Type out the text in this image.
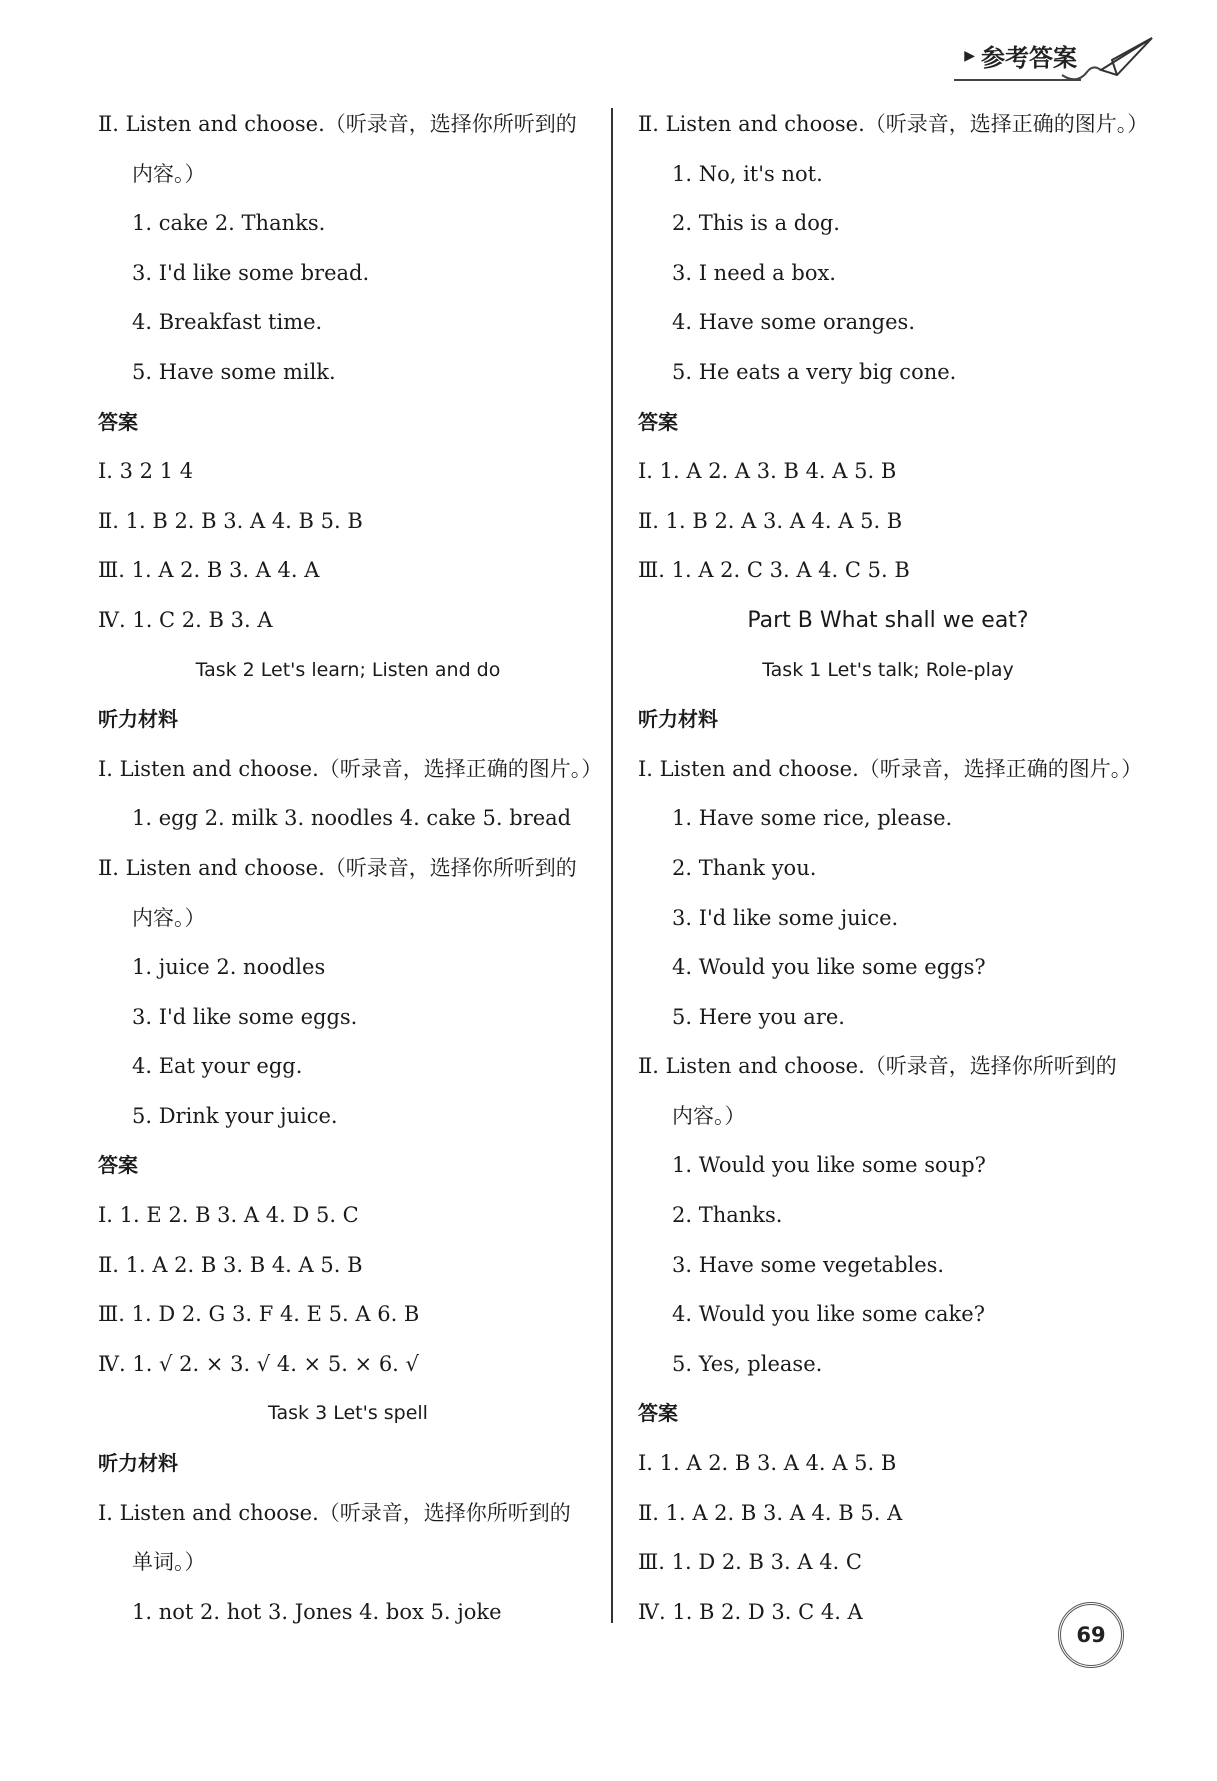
▶ 参考答案
Ⅱ. Listen and choose.（听录音，选择你所听到的
内容。）
1. cake 2. Thanks.
3. I'd like some bread.
4. Breakfast time.
5. Have some milk.
答案
Ⅰ. 3 2 1 4
Ⅱ. 1. B 2. B 3. A 4. B 5. B
Ⅲ. 1. A 2. B 3. A 4. A
Ⅳ. 1. C 2. B 3. A
Task 2 Let's learn; Listen and do
听力材料
Ⅰ. Listen and choose.（听录音，选择正确的图片。）
1. egg 2. milk 3. noodles 4. cake 5. bread
Ⅱ. Listen and choose.（听录音，选择你所听到的
内容。）
1. juice 2. noodles
3. I'd like some eggs.
4. Eat your egg.
5. Drink your juice.
答案
Ⅰ. 1. E 2. B 3. A 4. D 5. C
Ⅱ. 1. A 2. B 3. B 4. A 5. B
Ⅲ. 1. D 2. G 3. F 4. E 5. A 6. B
Ⅳ. 1. √ 2. × 3. √ 4. × 5. × 6. √
Task 3 Let's spell
听力材料
Ⅰ. Listen and choose.（听录音，选择你所听到的
单词。）
1. not 2. hot 3. Jones 4. box 5. joke
Ⅱ. Listen and choose.（听录音，选择正确的图片。）
1. No, it's not.
2. This is a dog.
3. I need a box.
4. Have some oranges.
5. He eats a very big cone.
答案
Ⅰ. 1. A 2. A 3. B 4. A 5. B
Ⅱ. 1. B 2. A 3. A 4. A 5. B
Ⅲ. 1. A 2. C 3. A 4. C 5. B
Part B What shall we eat?
Task 1 Let's talk; Role-play
听力材料
Ⅰ. Listen and choose.（听录音，选择正确的图片。）
1. Have some rice, please.
2. Thank you.
3. I'd like some juice.
4. Would you like some eggs?
5. Here you are.
Ⅱ. Listen and choose.（听录音，选择你所听到的
内容。）
1. Would you like some soup?
2. Thanks.
3. Have some vegetables.
4. Would you like some cake?
5. Yes, please.
答案
Ⅰ. 1. A 2. B 3. A 4. A 5. B
Ⅱ. 1. A 2. B 3. A 4. B 5. A
Ⅲ. 1. D 2. B 3. A 4. C
Ⅳ. 1. B 2. D 3. C 4. A
69
